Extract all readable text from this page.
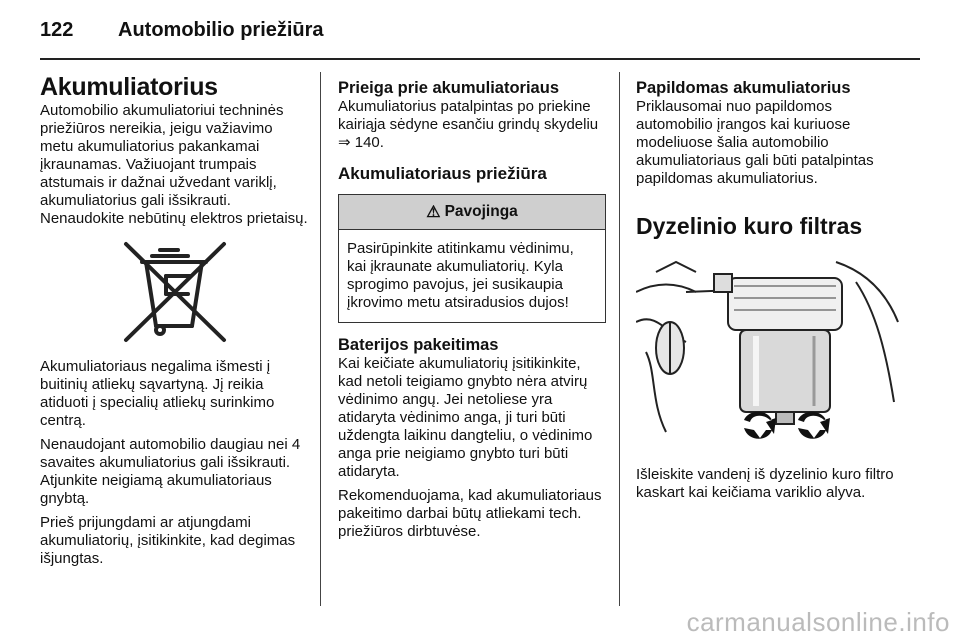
122	Automobilio priežiūra
Akumuliatorius

Automobilio akumuliatoriui techninės priežiūros nereikia, jeigu važiavimo metu akumuliatorius pakankamai įkraunamas. Važiuojant trumpais atstumais ir dažnai užvedant variklį, akumuliatorius gali išsikrauti. Nenaudokite nebūtinų elektros prietaisų.

Akumuliatoriaus negalima išmesti į buitinių atliekų sąvartyną. Jį reikia atiduoti į specialių atliekų surinkimo centrą.

Nenaudojant automobilio daugiau nei 4 savaites akumuliatorius gali išsikrauti. Atjunkite neigiamą akumuliatoriaus gnybtą.

Prieš prijungdami ar atjungdami akumuliatorių, įsitikinkite, kad degimas išjungtas.

Prieiga prie akumuliatoriaus

Akumuliatorius patalpintas po priekine kairiąja sėdyne esančiu grindų skydeliu ⇒ 140.

Akumuliatoriaus priežiūra
⚠ Pavojinga
Pasirūpinkite atitinkamu vėdinimu, kai įkraunate akumuliatorių. Kyla sprogimo pavojus, jei susikaupia įkrovimo metu atsiradusios dujos!
Baterijos pakeitimas

Kai keičiate akumuliatorių įsitikinkite, kad netoli teigiamo gnybto nėra atvirų vėdinimo angų. Jei netoliese yra atidaryta vėdinimo anga, ji turi būti uždengta laikinu dangteliu, o vėdinimo anga prie neigiamo gnybto turi būti atidaryta.

Rekomenduojama, kad akumuliatoriaus pakeitimo darbai būtų atliekami tech. priežiūros dirbtuvėse.

Papildomas akumuliatorius

Priklausomai nuo papildomos automobilio įrangos kai kuriuose modeliuose šalia automobilio akumuliatoriaus gali būti patalpintas papildomas akumuliatorius.

Dyzelinio kuro filtras

Išleiskite vandenį iš dyzelinio kuro filtro kaskart kai keičiama variklio alyva.

carmanualsonline.info
